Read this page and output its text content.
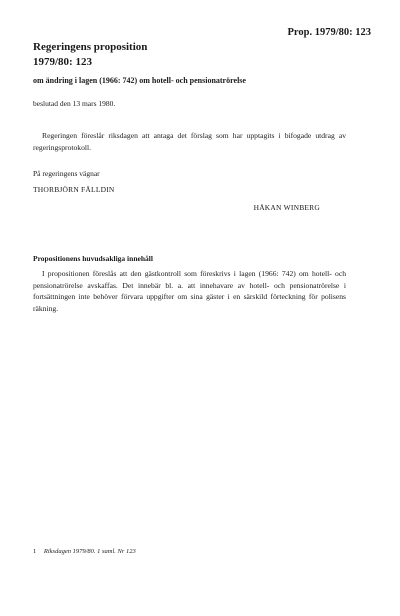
Prop. 1979/80: 123
Regeringens proposition
1979/80: 123
om ändring i lagen (1966: 742) om hotell- och pensionatrörelse
beslutad den 13 mars 1980.
Regeringen föreslår riksdagen att antaga det förslag som har upptagits i bifogade utdrag av regeringsprotokoll.
På regeringens vägnar
THORBJÖRN FÄLLDIN
HÅKAN WINBERG
Propositionens huvudsakliga innehåll
I propositionen föreslås att den gästkontroll som föreskrivs i lagen (1966: 742) om hotell- och pensionatrörelse avskaffas. Det innebär bl. a. att innehavare av hotell- och pensionatrörelse i fortsättningen inte behöver förvara uppgifter om sina gäster i en särskild förteckning för polisens räkning.
1 Riksdagen 1979/80. 1 saml. Nr 123
